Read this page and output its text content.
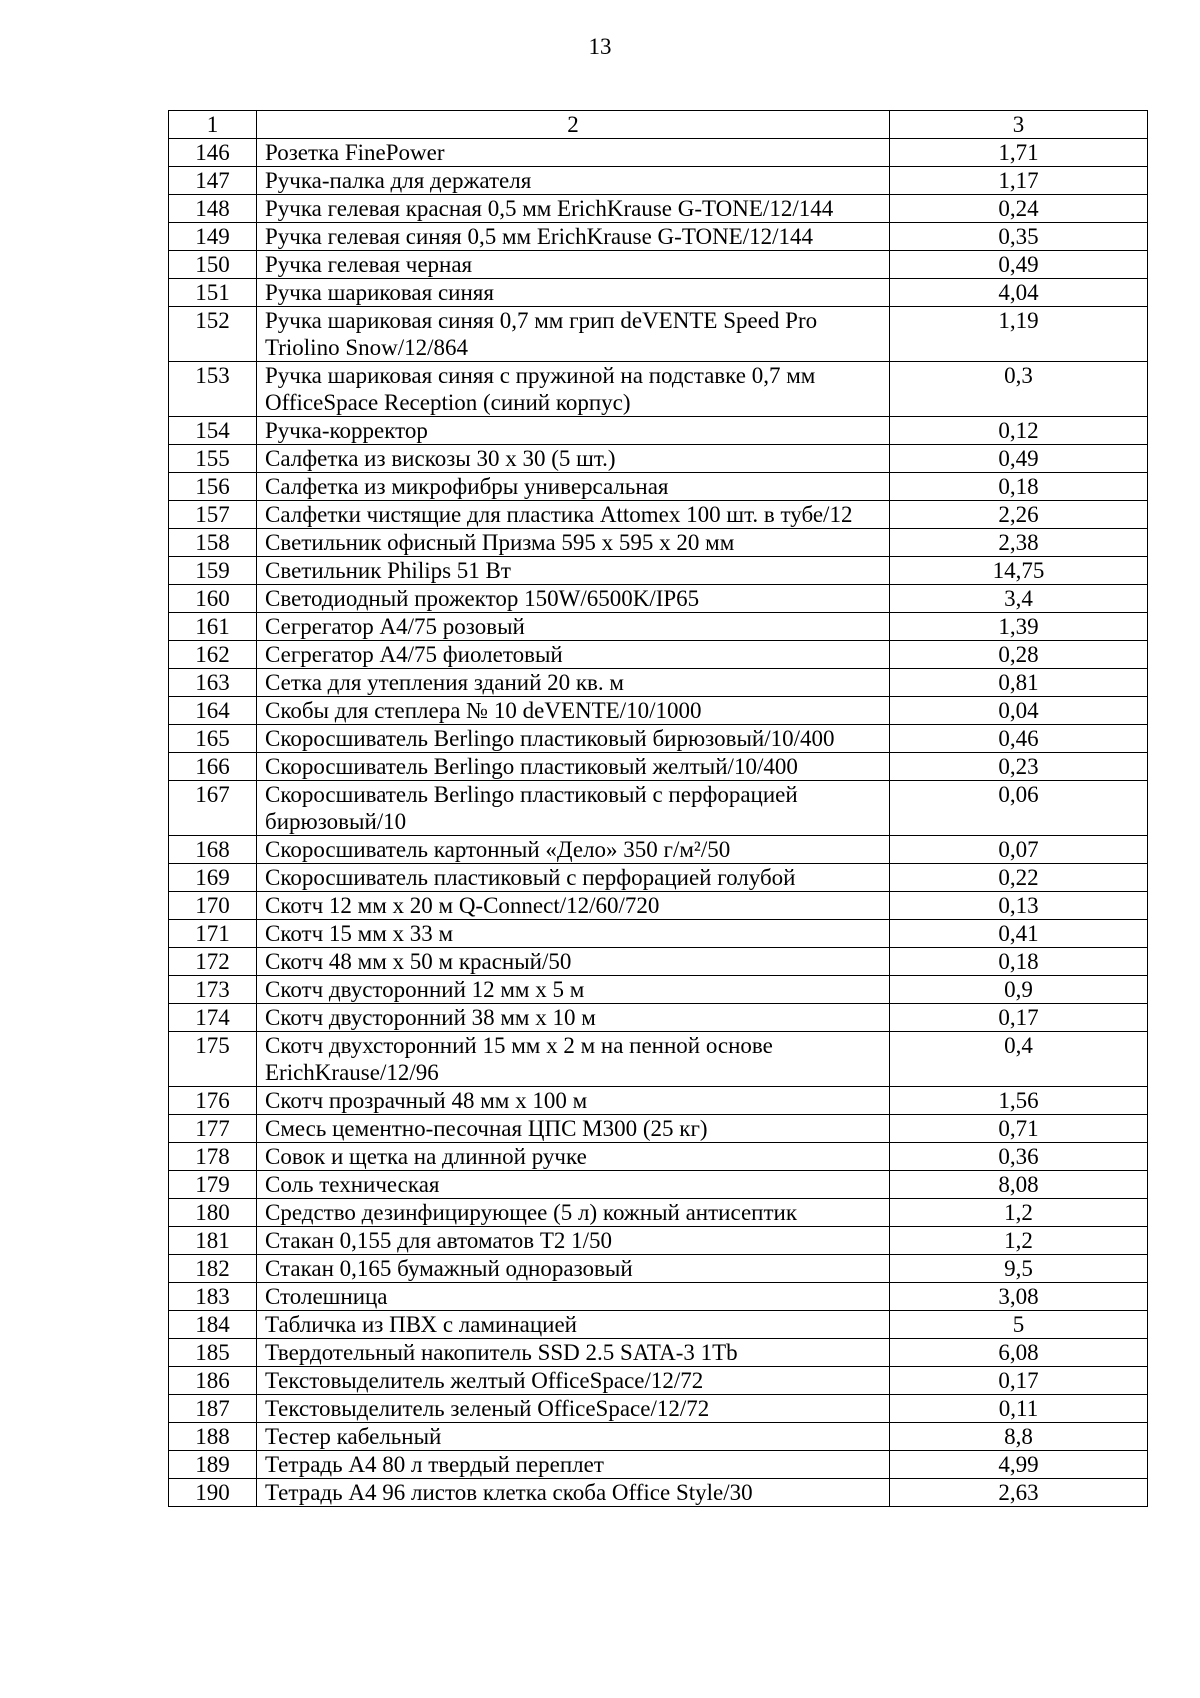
13
1	2	3
146	Розетка FinePower	1,71
147	Ручка-палка для держателя	1,17
148	Ручка гелевая красная 0,5 мм ErichKrause G-TONE/12/144	0,24
149	Ручка гелевая синяя 0,5 мм ErichKrause G-TONE/12/144	0,35
150	Ручка гелевая черная	0,49
151	Ручка шариковая синяя	4,04
152	Ручка шариковая синяя 0,7 мм грип deVENTE Speed Pro Triolino Snow/12/864	1,19
153	Ручка шариковая синяя с пружиной на подставке 0,7 мм OfficeSpace Reception (синий корпус)	0,3
154	Ручка-корректор	0,12
155	Салфетка из вискозы 30 х 30 (5 шт.)	0,49
156	Салфетка из микрофибры универсальная	0,18
157	Салфетки чистящие для пластика Attomex 100 шт. в тубе/12	2,26
158	Светильник офисный Призма 595 х 595 х 20 мм	2,38
159	Светильник Philips 51 Вт	14,75
160	Светодиодный прожектор 150W/6500K/IP65	3,4
161	Сегрегатор А4/75 розовый	1,39
162	Сегрегатор А4/75 фиолетовый	0,28
163	Сетка для утепления зданий 20 кв. м	0,81
164	Скобы для степлера № 10 deVENTE/10/1000	0,04
165	Скоросшиватель Berlingo пластиковый бирюзовый/10/400	0,46
166	Скоросшиватель Berlingo пластиковый желтый/10/400	0,23
167	Скоросшиватель Berlingo пластиковый с перфорацией бирюзовый/10	0,06
168	Скоросшиватель картонный «Дело» 350 г/м²/50	0,07
169	Скоросшиватель пластиковый с перфорацией голубой	0,22
170	Скотч 12 мм х 20 м Q-Connect/12/60/720	0,13
171	Скотч 15 мм х 33 м	0,41
172	Скотч 48 мм х 50 м красный/50	0,18
173	Скотч двусторонний 12 мм х 5 м	0,9
174	Скотч двусторонний 38 мм х 10 м	0,17
175	Скотч двухсторонний 15 мм х 2 м на пенной основе ErichKrause/12/96	0,4
176	Скотч прозрачный 48 мм х 100 м	1,56
177	Смесь цементно-песочная ЦПС М300 (25 кг)	0,71
178	Совок и щетка на длинной ручке	0,36
179	Соль техническая	8,08
180	Средство дезинфицирующее (5 л) кожный антисептик	1,2
181	Стакан 0,155 для автоматов Т2 1/50	1,2
182	Стакан 0,165 бумажный одноразовый	9,5
183	Столешница	3,08
184	Табличка из ПВХ с ламинацией	5
185	Твердотельный накопитель SSD 2.5 SATA-3 1Tb	6,08
186	Текстовыделитель желтый OfficeSpace/12/72	0,17
187	Текстовыделитель зеленый OfficeSpace/12/72	0,11
188	Тестер кабельный	8,8
189	Тетрадь А4 80 л твердый переплет	4,99
190	Тетрадь А4 96 листов клетка скоба Office Style/30	2,63
